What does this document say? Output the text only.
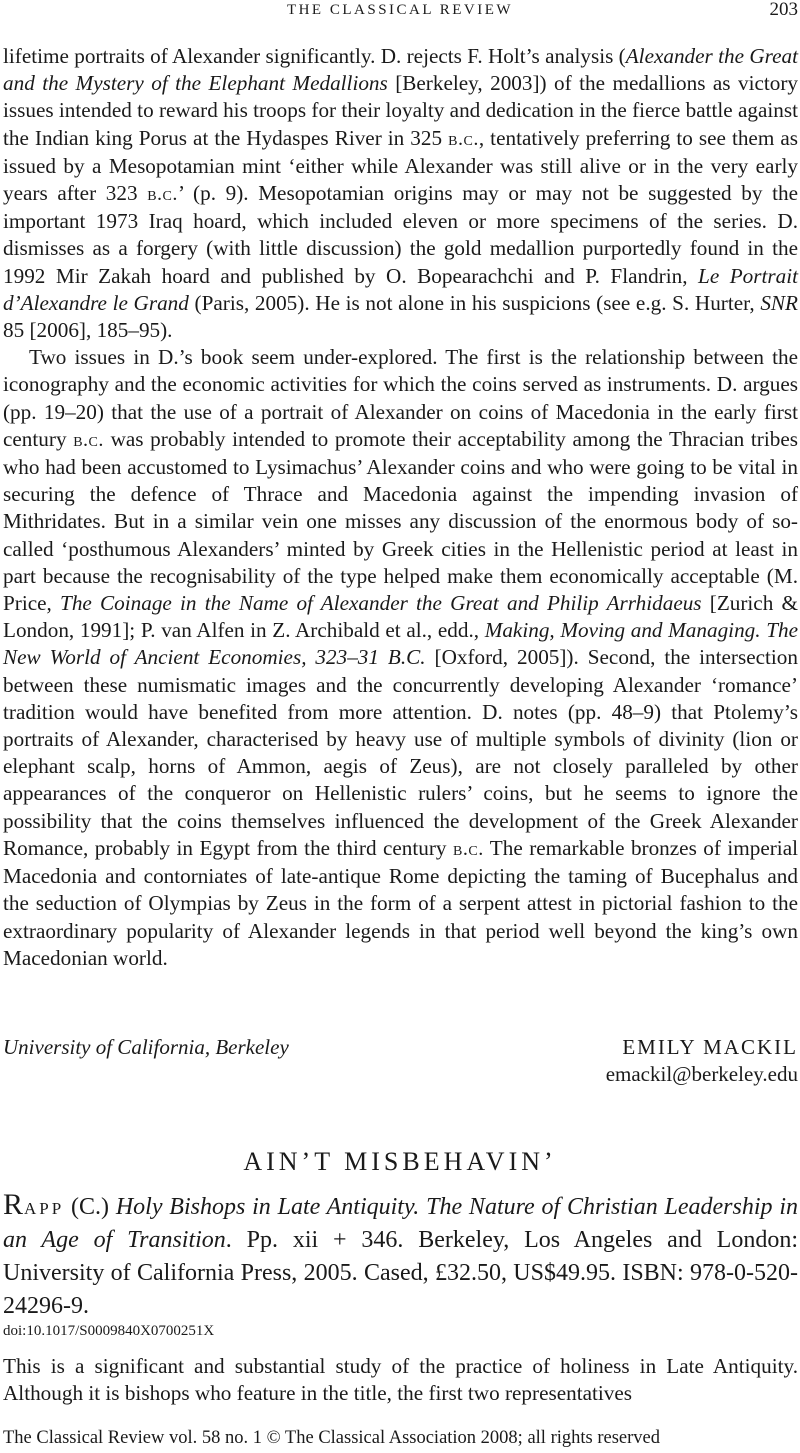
THE CLASSICAL REVIEW	203

lifetime portraits of Alexander significantly. D. rejects F. Holt’s analysis (Alexander the Great and the Mystery of the Elephant Medallions [Berkeley, 2003]) of the medallions as victory issues intended to reward his troops for their loyalty and dedication in the fierce battle against the Indian king Porus at the Hydaspes River in 325 b.c., tentatively preferring to see them as issued by a Mesopotamian mint ‘either while Alexander was still alive or in the very early years after 323 b.c.’ (p. 9). Mesopotamian origins may or may not be suggested by the important 1973 Iraq hoard, which included eleven or more specimens of the series. D. dismisses as a forgery (with little discussion) the gold medallion purportedly found in the 1992 Mir Zakah hoard and published by O. Bopearachchi and P. Flandrin, Le Portrait d’Alexandre le Grand (Paris, 2005). He is not alone in his suspicions (see e.g. S. Hurter, SNR 85 [2006], 185–95).

Two issues in D.’s book seem under-explored. The first is the relationship between the iconography and the economic activities for which the coins served as instruments. D. argues (pp. 19–20) that the use of a portrait of Alexander on coins of Macedonia in the early first century b.c. was probably intended to promote their acceptability among the Thracian tribes who had been accustomed to Lysimachus’ Alexander coins and who were going to be vital in securing the defence of Thrace and Macedonia against the impending invasion of Mithridates. But in a similar vein one misses any discussion of the enormous body of so-called ‘posthumous Alexanders’ minted by Greek cities in the Hellenistic period at least in part because the recognisability of the type helped make them economically acceptable (M. Price, The Coinage in the Name of Alexander the Great and Philip Arrhidaeus [Zurich & London, 1991]; P. van Alfen in Z. Archibald et al., edd., Making, Moving and Managing. The New World of Ancient Economies, 323–31 B.C. [Oxford, 2005]). Second, the intersection between these numismatic images and the concurrently developing Alexander ‘romance’ tradition would have benefited from more attention. D. notes (pp. 48–9) that Ptolemy’s portraits of Alexander, characterised by heavy use of multiple symbols of divinity (lion or elephant scalp, horns of Ammon, aegis of Zeus), are not closely paralleled by other appearances of the conqueror on Hellenistic rulers’ coins, but he seems to ignore the possibility that the coins themselves influenced the development of the Greek Alexander Romance, probably in Egypt from the third century b.c. The remarkable bronzes of imperial Macedonia and contorniates of late-antique Rome depicting the taming of Bucephalus and the seduction of Olympias by Zeus in the form of a serpent attest in pictorial fashion to the extraordinary popularity of Alexander legends in that period well beyond the king’s own Macedonian world.

University of California, Berkeley	EMILY MACKIL
emackil@berkeley.edu
AIN’T MISBEHAVIN’
Rapp (C.) Holy Bishops in Late Antiquity. The Nature of Christian Leadership in an Age of Transition. Pp. xii + 346. Berkeley, Los Angeles and London: University of California Press, 2005. Cased, £32.50, US$49.95. ISBN: 978-0-520-24296-9.
doi:10.1017/S0009840X0700251X

This is a significant and substantial study of the practice of holiness in Late Antiquity. Although it is bishops who feature in the title, the first two representatives

The Classical Review vol. 58 no. 1 © The Classical Association 2008; all rights reserved
